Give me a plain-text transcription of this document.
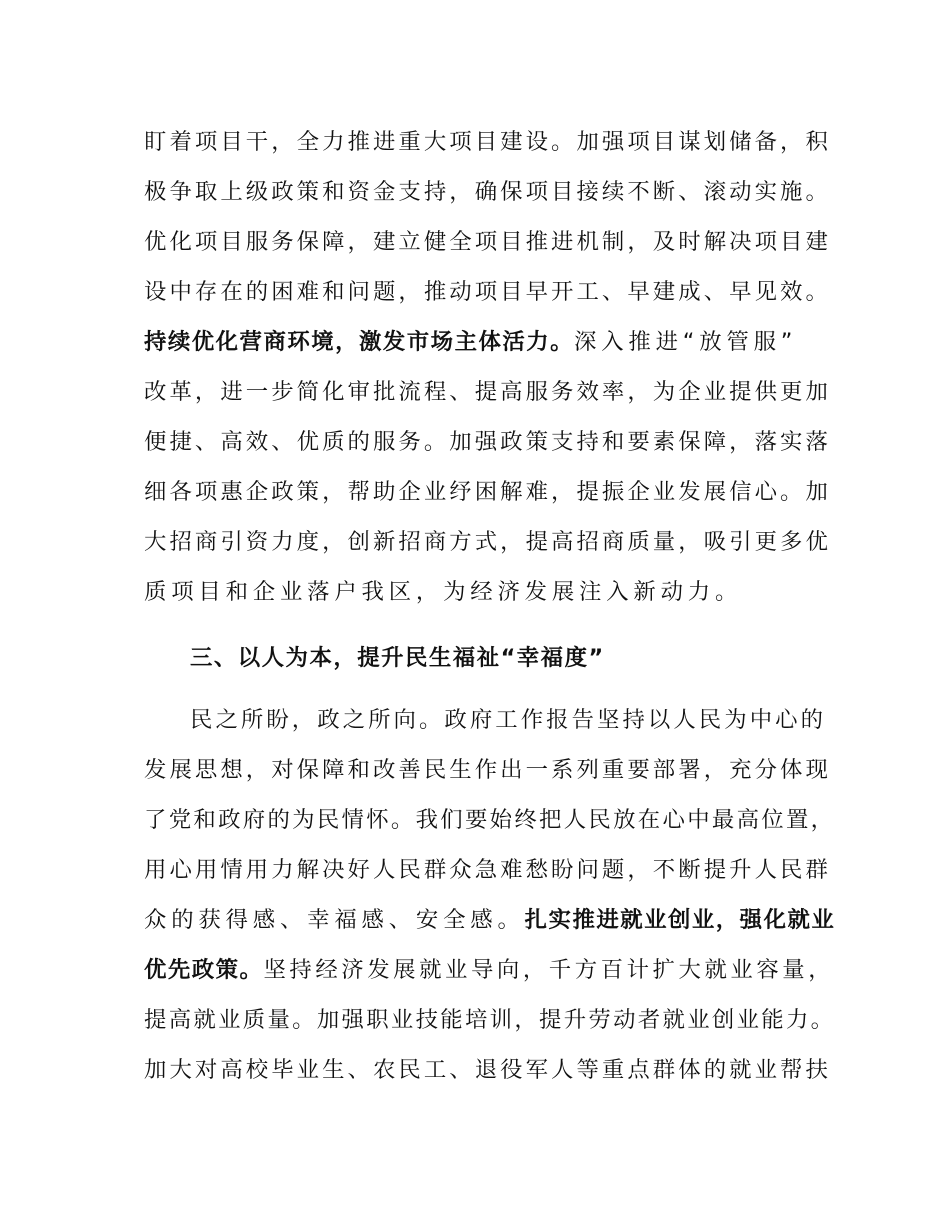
盯着项目干，全力推进重大项目建设。加强项目谋划储备，积
极争取上级政策和资金支持，确保项目接续不断、滚动实施。
优化项目服务保障，建立健全项目推进机制，及时解决项目建
设中存在的困难和问题，推动项目早开工、早建成、早见效。
持续优化营商环境，激发市场主体活力。深入推进“放管服”
改革，进一步简化审批流程、提高服务效率，为企业提供更加
便捷、高效、优质的服务。加强政策支持和要素保障，落实落
细各项惠企政策，帮助企业纾困解难，提振企业发展信心。加
大招商引资力度，创新招商方式，提高招商质量，吸引更多优
质项目和企业落户我区，为经济发展注入新动力。
三、以人为本，提升民生福祉“幸福度”
民之所盼，政之所向。政府工作报告坚持以人民为中心的
发展思想，对保障和改善民生作出一系列重要部署，充分体现
了党和政府的为民情怀。我们要始终把人民放在心中最高位置，
用心用情用力解决好人民群众急难愁盼问题，不断提升人民群
众的获得感、幸福感、安全感。扎实推进就业创业，强化就业
优先政策。坚持经济发展就业导向，千方百计扩大就业容量，
提高就业质量。加强职业技能培训，提升劳动者就业创业能力。
加大对高校毕业生、农民工、退役军人等重点群体的就业帮扶
